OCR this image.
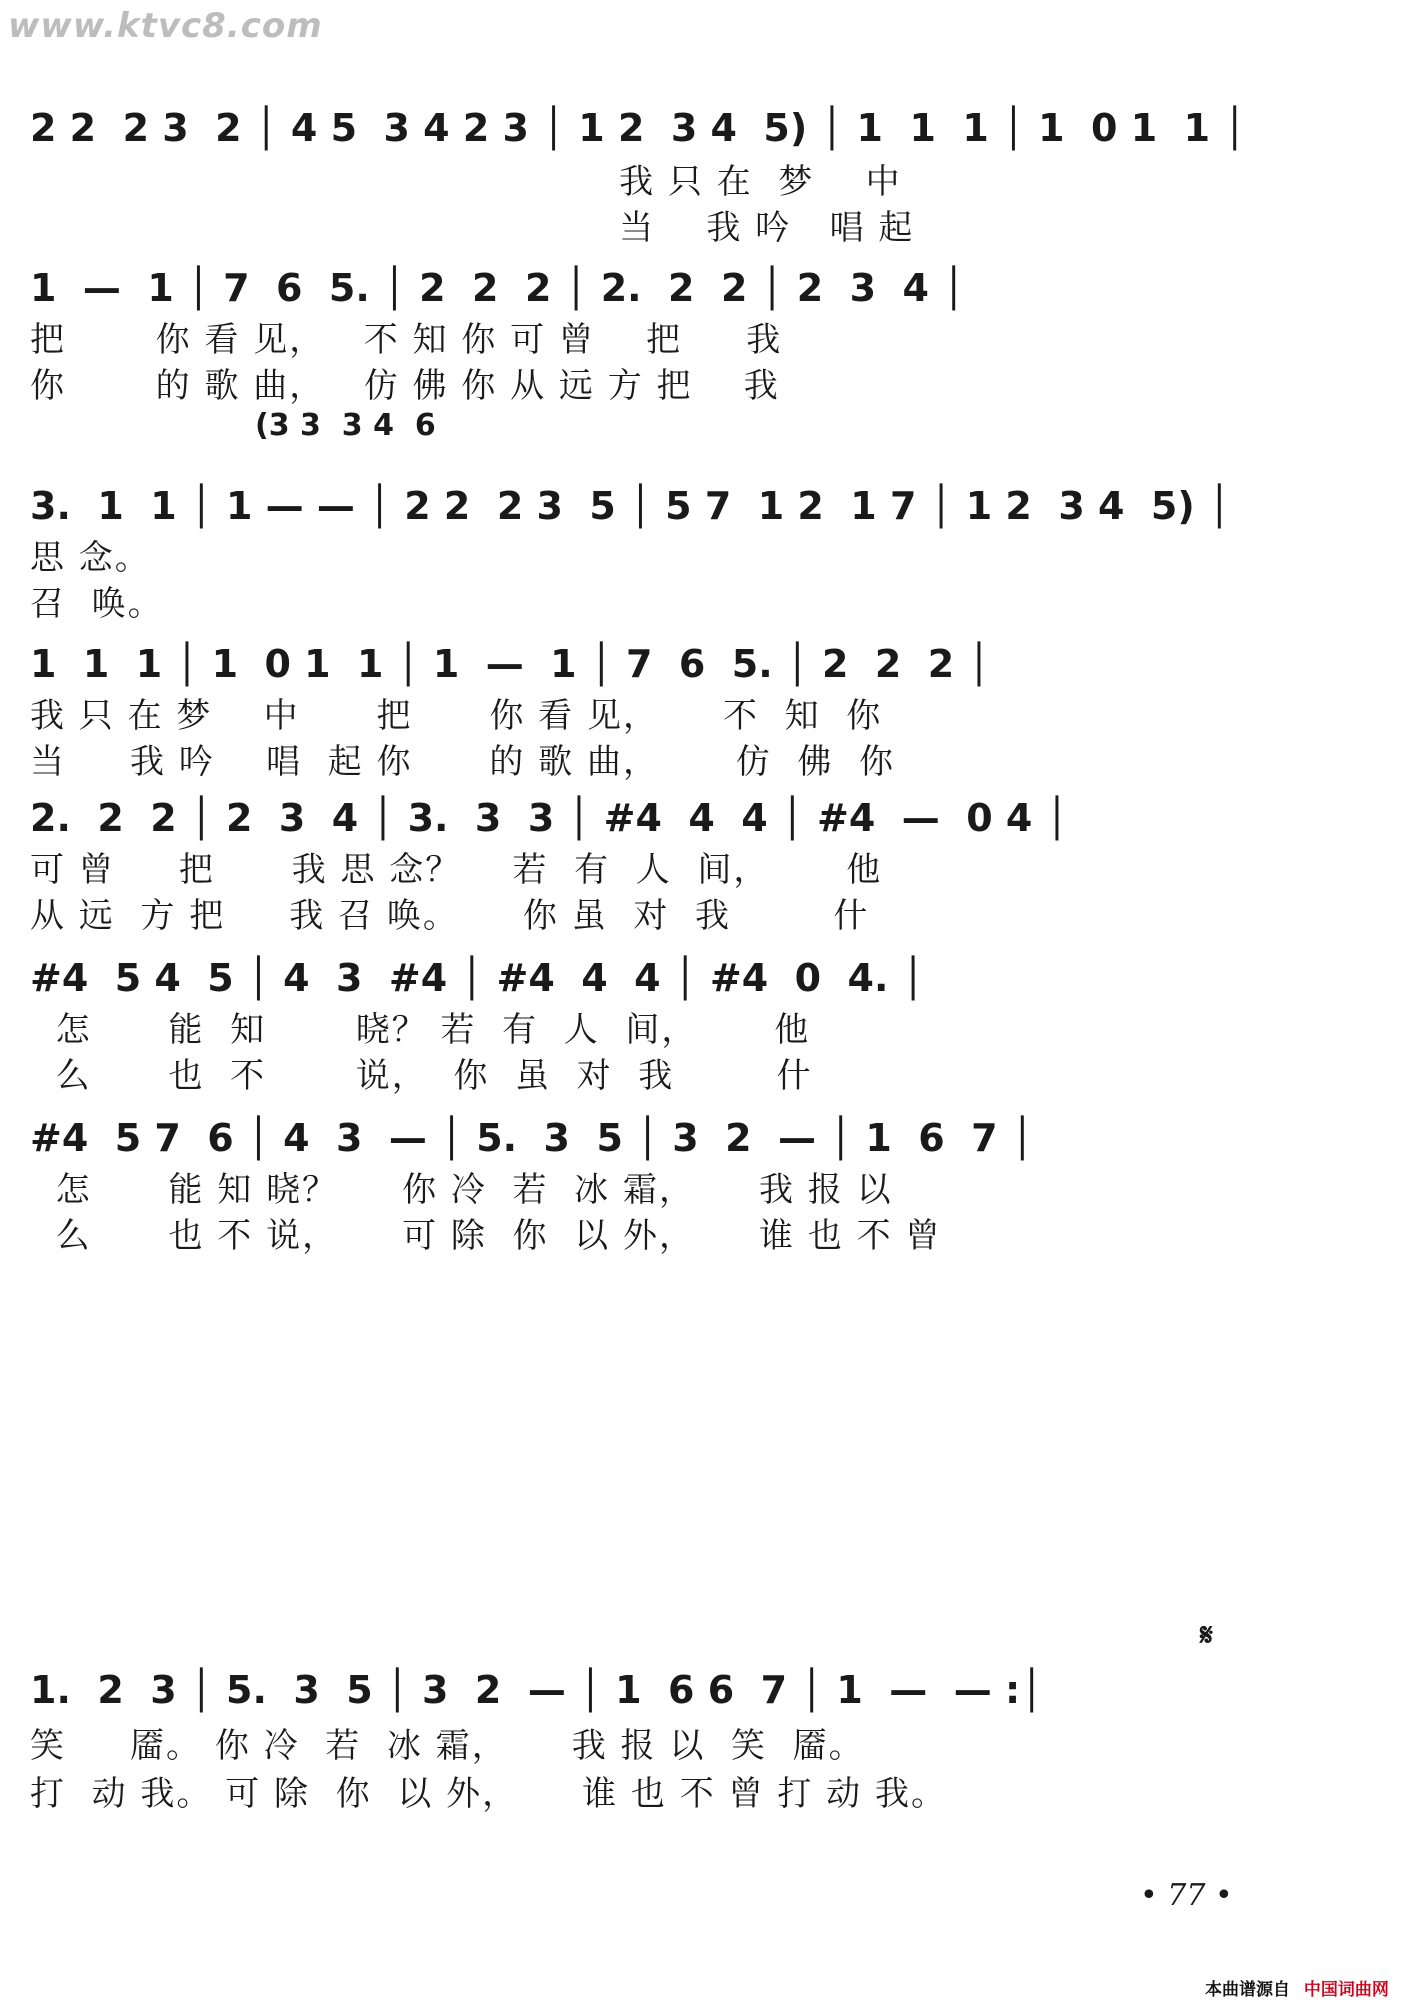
www.ktvc8.com
2 2  2 3  2 │ 4 5  3 4 2 3 │ 1 2  3 4  5) │ 1  1  1 │ 1  0 1  1 │
我 只 在  梦    中
当    我 吟   唱 起
1  —  1 │ 7  6  5. │ 2  2  2 │ 2.  2  2 │ 2  3  4 │
把       你 看 见，   不 知 你 可 曾    把     我
你       的 歌 曲，   仿 佛 你 从 远 方 把    我
(3 3  3 4  6
3.  1  1 │ 1 — — │ 2 2  2 3  5 │ 5 7  1 2  1 7 │ 1 2  3 4  5) │
思 念。
召  唤。
1  1  1 │ 1  0 1  1 │ 1  —  1 │ 7  6  5. │ 2  2  2 │
我 只 在 梦    中      把      你 看 见，     不  知  你
当     我 吟    唱  起 你      的 歌 曲，      仿  佛  你
2.  2  2 │ 2  3  4 │ 3.  3  3 │ #4  4  4 │ #4  —  0 4 │
可 曾     把      我 思 念？    若  有  人  间，      他
从 远  方 把     我 召 唤。     你 虽  对  我        什
#4  5 4  5 │ 4  3  #4 │ #4  4  4 │ #4  0  4. │
怎      能  知       晓？ 若  有  人  间，      他
么      也  不       说，  你  虽  对  我        什
#4  5 7  6 │ 4  3  — │ 5.  3  5 │ 3  2  — │ 1  6  7 │
怎      能 知 晓？     你 冷  若  冰 霜，     我 报 以
么      也 不 说，     可 除  你  以 外，     谁 也 不 曾
𝄋
1.  2  3 │ 5.  3  5 │ 3  2  — │ 1  6 6  7 │ 1  —  — :│
笑     靥。 你 冷  若  冰 霜，     我 报 以  笑  靥。
打  动 我。 可 除  你  以 外，     谁 也 不 曾 打 动 我。
• 77 •
本曲谱源自 中国词曲网
